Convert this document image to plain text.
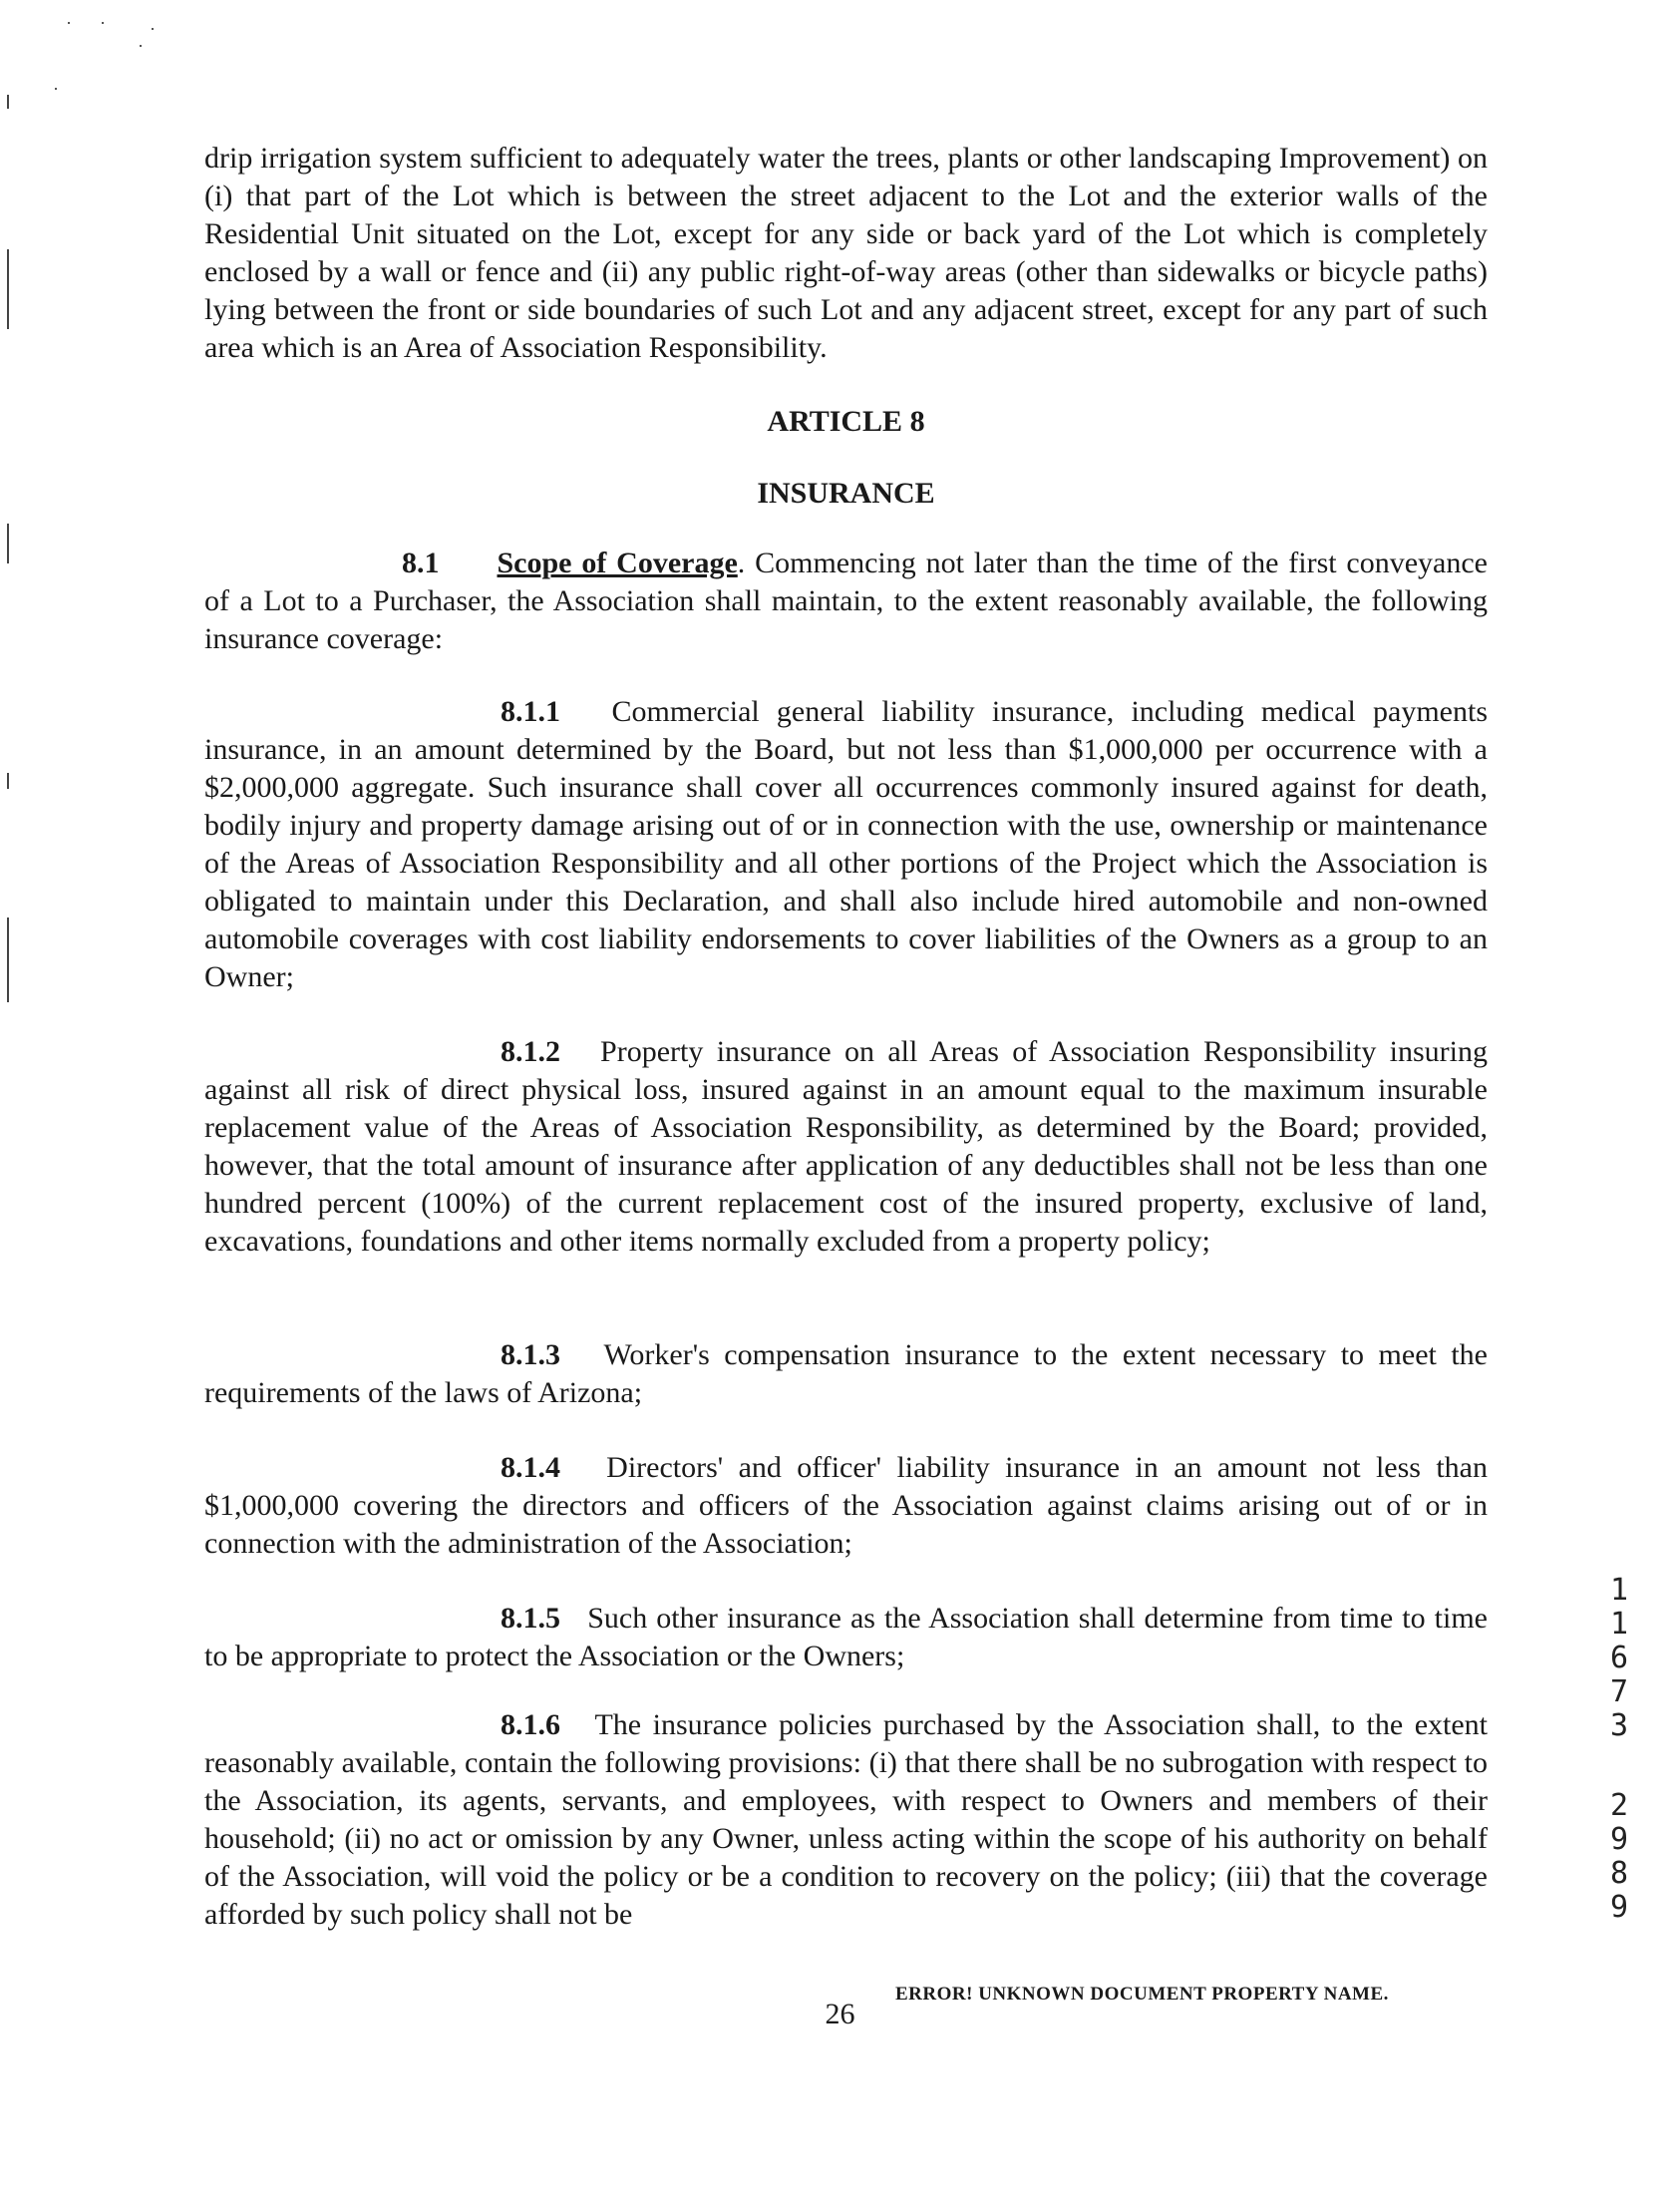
drip irrigation system sufficient to adequately water the trees, plants or other landscaping Improvement) on (i) that part of the Lot which is between the street adjacent to the Lot and the exterior walls of the Residential Unit situated on the Lot, except for any side or back yard of the Lot which is completely enclosed by a wall or fence and (ii) any public right-of-way areas (other than sidewalks or bicycle paths) lying between the front or side boundaries of such Lot and any adjacent street, except for any part of such area which is an Area of Association Responsibility.

ARTICLE 8

INSURANCE

8.1 Scope of Coverage. Commencing not later than the time of the first conveyance of a Lot to a Purchaser, the Association shall maintain, to the extent reasonably available, the following insurance coverage:

8.1.1 Commercial general liability insurance, including medical payments insurance, in an amount determined by the Board, but not less than $1,000,000 per occurrence with a $2,000,000 aggregate. Such insurance shall cover all occurrences commonly insured against for death, bodily injury and property damage arising out of or in connection with the use, ownership or maintenance of the Areas of Association Responsibility and all other portions of the Project which the Association is obligated to maintain under this Declaration, and shall also include hired automobile and non-owned automobile coverages with cost liability endorsements to cover liabilities of the Owners as a group to an Owner;

8.1.2 Property insurance on all Areas of Association Responsibility insuring against all risk of direct physical loss, insured against in an amount equal to the maximum insurable replacement value of the Areas of Association Responsibility, as determined by the Board; provided, however, that the total amount of insurance after application of any deductibles shall not be less than one hundred percent (100%) of the current replacement cost of the insured property, exclusive of land, excavations, foundations and other items normally excluded from a property policy;

8.1.3 Worker's compensation insurance to the extent necessary to meet the requirements of the laws of Arizona;

8.1.4 Directors' and officer' liability insurance in an amount not less than $1,000,000 covering the directors and officers of the Association against claims arising out of or in connection with the administration of the Association;

8.1.5 Such other insurance as the Association shall determine from time to time to be appropriate to protect the Association or the Owners;

8.1.6 The insurance policies purchased by the Association shall, to the extent reasonably available, contain the following provisions: (i) that there shall be no subrogation with respect to the Association, its agents, servants, and employees, with respect to Owners and members of their household; (ii) no act or omission by any Owner, unless acting within the scope of his authority on behalf of the Association, will void the policy or be a condition to recovery on the policy; (iii) that the coverage afforded by such policy shall not be

ERROR! UNKNOWN DOCUMENT PROPERTY NAME.
26
1
1
6
7
3
2
9
8
9
